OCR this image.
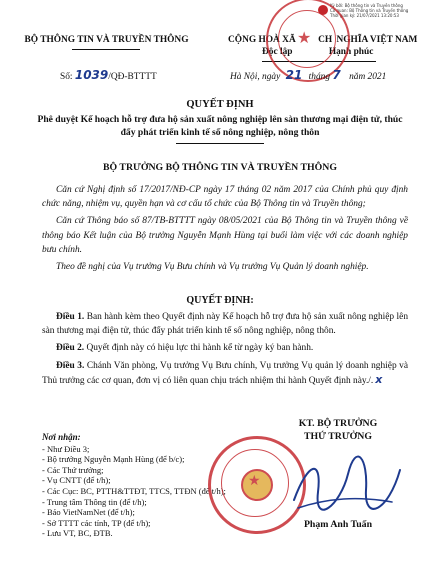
Ký bởi: Bộ thông tin và Truyền thông
Cơ quan: Bộ Thông tin và Truyền thông
Thời gian ký: 21/07/2021 13:20:53
BỘ THÔNG TIN VÀ TRUYỀN THÔNG	CỘNG HOÀ XÃ CH NGHĨA VIỆT NAM
Độc lập	Hạnh phúc
★
Số: 1039/QĐ-BTTTT	Hà Nội, ngày 21 tháng 7 năm 2021
QUYẾT ĐỊNH
Phê duyệt Kế hoạch hỗ trợ đưa hộ sản xuất nông nghiệp lên sàn thương mại điện tử, thúc đẩy phát triển kinh tế số nông nghiệp, nông thôn
BỘ TRƯỞNG BỘ THÔNG TIN VÀ TRUYỀN THÔNG

Căn cứ Nghị định số 17/2017/NĐ-CP ngày 17 tháng 02 năm 2017 của Chính phủ quy định chức năng, nhiệm vụ, quyền hạn và cơ cấu tổ chức của Bộ Thông tin và Truyền thông;

Căn cứ Thông báo số 87/TB-BTTTT ngày 08/05/2021 của Bộ Thông tin và Truyền thông về thông báo Kết luận của Bộ trưởng Nguyễn Mạnh Hùng tại buổi làm việc với các doanh nghiệp bưu chính.

Theo đề nghị của Vụ trưởng Vụ Bưu chính và Vụ trưởng Vụ Quản lý doanh nghiệp.

QUYẾT ĐỊNH:

Điều 1. Ban hành kèm theo Quyết định này Kế hoạch hỗ trợ đưa hộ sản xuất nông nghiệp lên sàn thương mại điện tử, thúc đẩy phát triển kinh tế số nông nghiệp, nông thôn.

Điều 2. Quyết định này có hiệu lực thi hành kể từ ngày ký ban hành.

Điều 3. Chánh Văn phòng, Vụ trưởng Vụ Bưu chính, Vụ trưởng Vụ quản lý doanh nghiệp và Thủ trưởng các cơ quan, đơn vị có liên quan chịu trách nhiệm thi hành Quyết định này./. x

Nơi nhận:
- Như Điều 3;
- Bộ trưởng Nguyễn Mạnh Hùng (để b/c);
- Các Thứ trưởng;
- Vụ CNTT (để t/h);
- Các Cục: BC, PTTH&TTĐT, TTCS, TTĐN (để t/h);
- Trung tâm Thông tin (để t/h);
- Báo VietNamNet (để t/h);
- Sở TTTT các tỉnh, TP (để t/h);
- Lưu VT, BC, ĐTB.
KT. BỘ TRƯỞNG
THỨ TRƯỞNG
★
Phạm Anh Tuấn
